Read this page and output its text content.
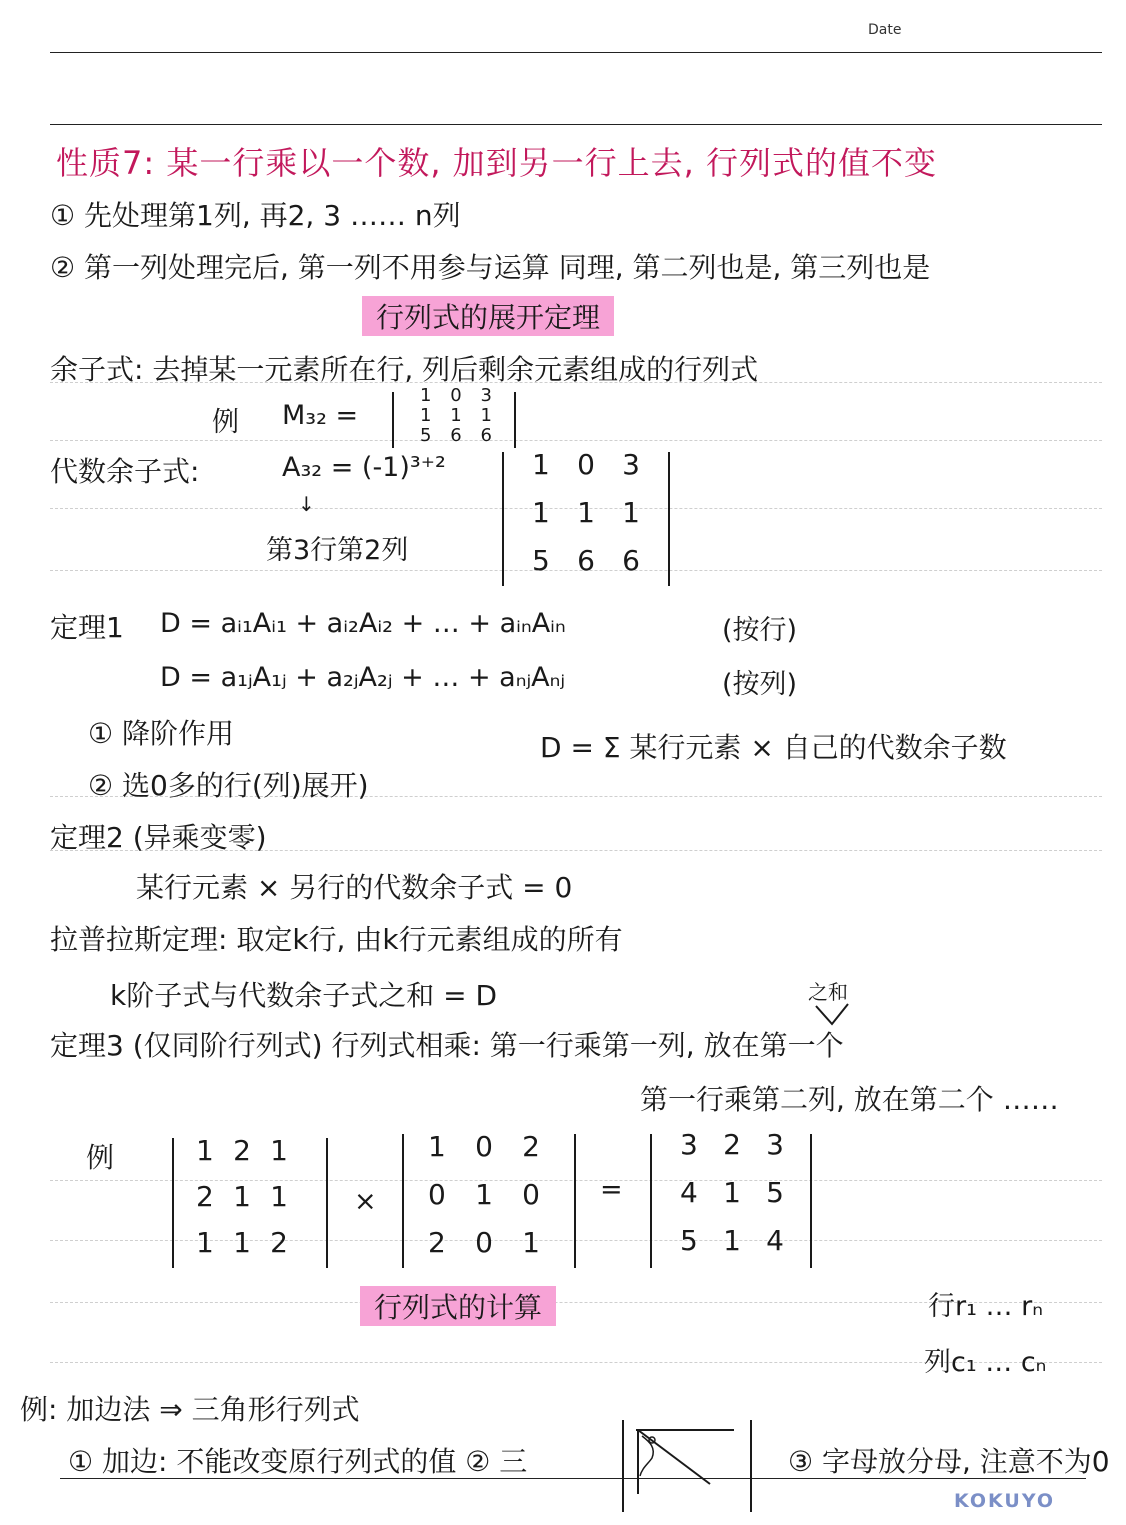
Date
性质7: 某一行乘以一个数, 加到另一行上去, 行列式的值不变
① 先处理第1列, 再2, 3 …… n列
② 第一列处理完后, 第一列不用参与运算 同理, 第二列也是, 第三列也是
行列式的展开定理
余子式: 去掉某一元素所在行, 列后剩余元素组成的行列式
例 M₃₂ =
1 0 3
1 1 1
5 6 6
代数余子式:	A₃₂ = (-1)³⁺²
↓
第3行第2列
1 0 3
1 1 1
5 6 6
定理1 D = aᵢ₁Aᵢ₁ + aᵢ₂Aᵢ₂ + … + aᵢₙAᵢₙ	(按行)
D = a₁ⱼA₁ⱼ + a₂ⱼA₂ⱼ + … + aₙⱼAₙⱼ	(按列)
① 降阶作用
② 选0多的行(列)展开)
D = Σ 某行元素 × 自己的代数余子数
定理2 (异乘变零)
某行元素 × 另行的代数余子式 = 0
拉普拉斯定理: 取定k行, 由k行元素组成的所有
k阶子式与代数余子式之和 = D	之和
定理3 (仅同阶行列式) 行列式相乘: 第一行乘第一列, 放在第一个
第一行乘第二列, 放在第二个 ……
例	1 2 1
2 1 1
1 1 2
×
1 0 2
0 1 0
2 0 1
=
3 2 3
4 1 5
5 1 4
行列式的计算	行r₁ … rₙ
列c₁ … cₙ
例: 加边法 ⇒ 三角形行列式
① 加边: 不能改变原行列式的值 ② 三	③ 字母放分母, 注意不为0
KOKUYO
